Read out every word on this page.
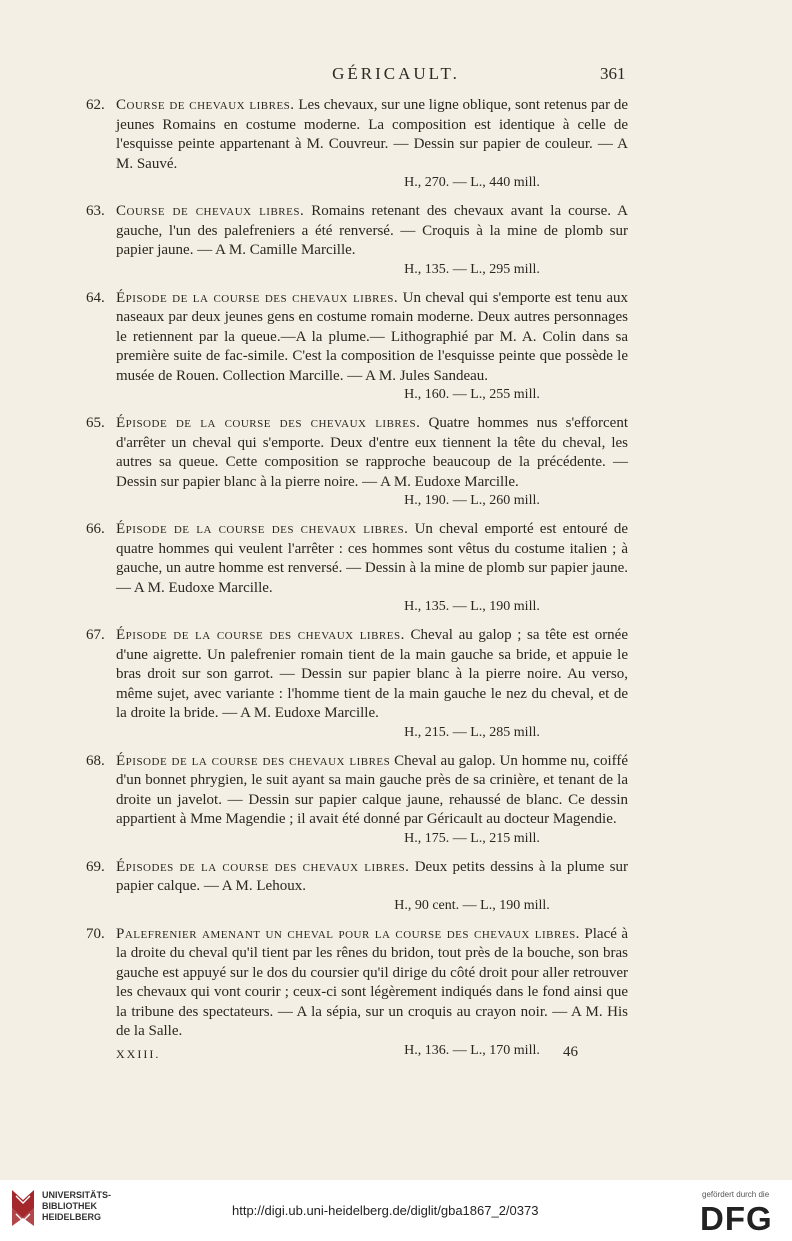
GÉRICAULT.	361
62. Course de chevaux libres. Les chevaux, sur une ligne oblique, sont retenus par de jeunes Romains en costume moderne. La composition est identique à celle de l'esquisse peinte appartenant à M. Couvreur. — Dessin sur papier de couleur. — A M. Sauvé.
H., 270. — L., 440 mill.
63. Course de chevaux libres. Romains retenant des chevaux avant la course. A gauche, l'un des palefreniers a été renversé. — Croquis à la mine de plomb sur papier jaune. — A M. Camille Marcille.
H., 135. — L., 295 mill.
64. Épisode de la course des chevaux libres. Un cheval qui s'emporte est tenu aux naseaux par deux jeunes gens en costume romain moderne. Deux autres personnages le retiennent par la queue.—A la plume.— Lithographié par M. A. Colin dans sa première suite de fac-simile. C'est la composition de l'esquisse peinte que possède le musée de Rouen. Collection Marcille. — A M. Jules Sandeau.
H., 160. — L., 255 mill.
65. Épisode de la course des chevaux libres. Quatre hommes nus s'efforcent d'arrêter un cheval qui s'emporte. Deux d'entre eux tiennent la tête du cheval, les autres sa queue. Cette composition se rapproche beaucoup de la précédente. — Dessin sur papier blanc à la pierre noire. — A M. Eudoxe Marcille.
H., 190. — L., 260 mill.
66. Épisode de la course des chevaux libres. Un cheval emporté est entouré de quatre hommes qui veulent l'arrêter : ces hommes sont vêtus du costume italien ; à gauche, un autre homme est renversé. — Dessin à la mine de plomb sur papier jaune. — A M. Eudoxe Marcille.
H., 135. — L., 190 mill.
67. Épisode de la course des chevaux libres. Cheval au galop ; sa tête est ornée d'une aigrette. Un palefrenier romain tient de la main gauche sa bride, et appuie le bras droit sur son garrot. — Dessin sur papier blanc à la pierre noire. Au verso, même sujet, avec variante : l'homme tient de la main gauche le nez du cheval, et de la droite la bride. — A M. Eudoxe Marcille.
H., 215. — L., 285 mill.
68. Épisode de la course des chevaux libres Cheval au galop. Un homme nu, coiffé d'un bonnet phrygien, le suit ayant sa main gauche près de sa crinière, et tenant de la droite un javelot. — Dessin sur papier calque jaune, rehaussé de blanc. Ce dessin appartient à Mme Magendie ; il avait été donné par Géricault au docteur Magendie.
H., 175. — L., 215 mill.
69. Épisodes de la course des chevaux libres. Deux petits dessins à la plume sur papier calque. — A M. Lehoux.
H., 90 cent. — L., 190 mill.
70. Palefrenier amenant un cheval pour la course des chevaux libres. Placé à la droite du cheval qu'il tient par les rênes du bridon, tout près de la bouche, son bras gauche est appuyé sur le dos du coursier qu'il dirige du côté droit pour aller retrouver les chevaux qui vont courir ; ceux-ci sont légèrement indiqués dans le fond ainsi que la tribune des spectateurs. — A la sépia, sur un croquis au crayon noir. — A M. His de la Salle.
H., 136. — L., 170 mill.
XXIII.	46
UNIVERSITÄTS-
BIBLIOTHEK
HEIDELBERG	http://digi.ub.uni-heidelberg.de/diglit/gba1867_2/0373
gefördert durch die
DFG
